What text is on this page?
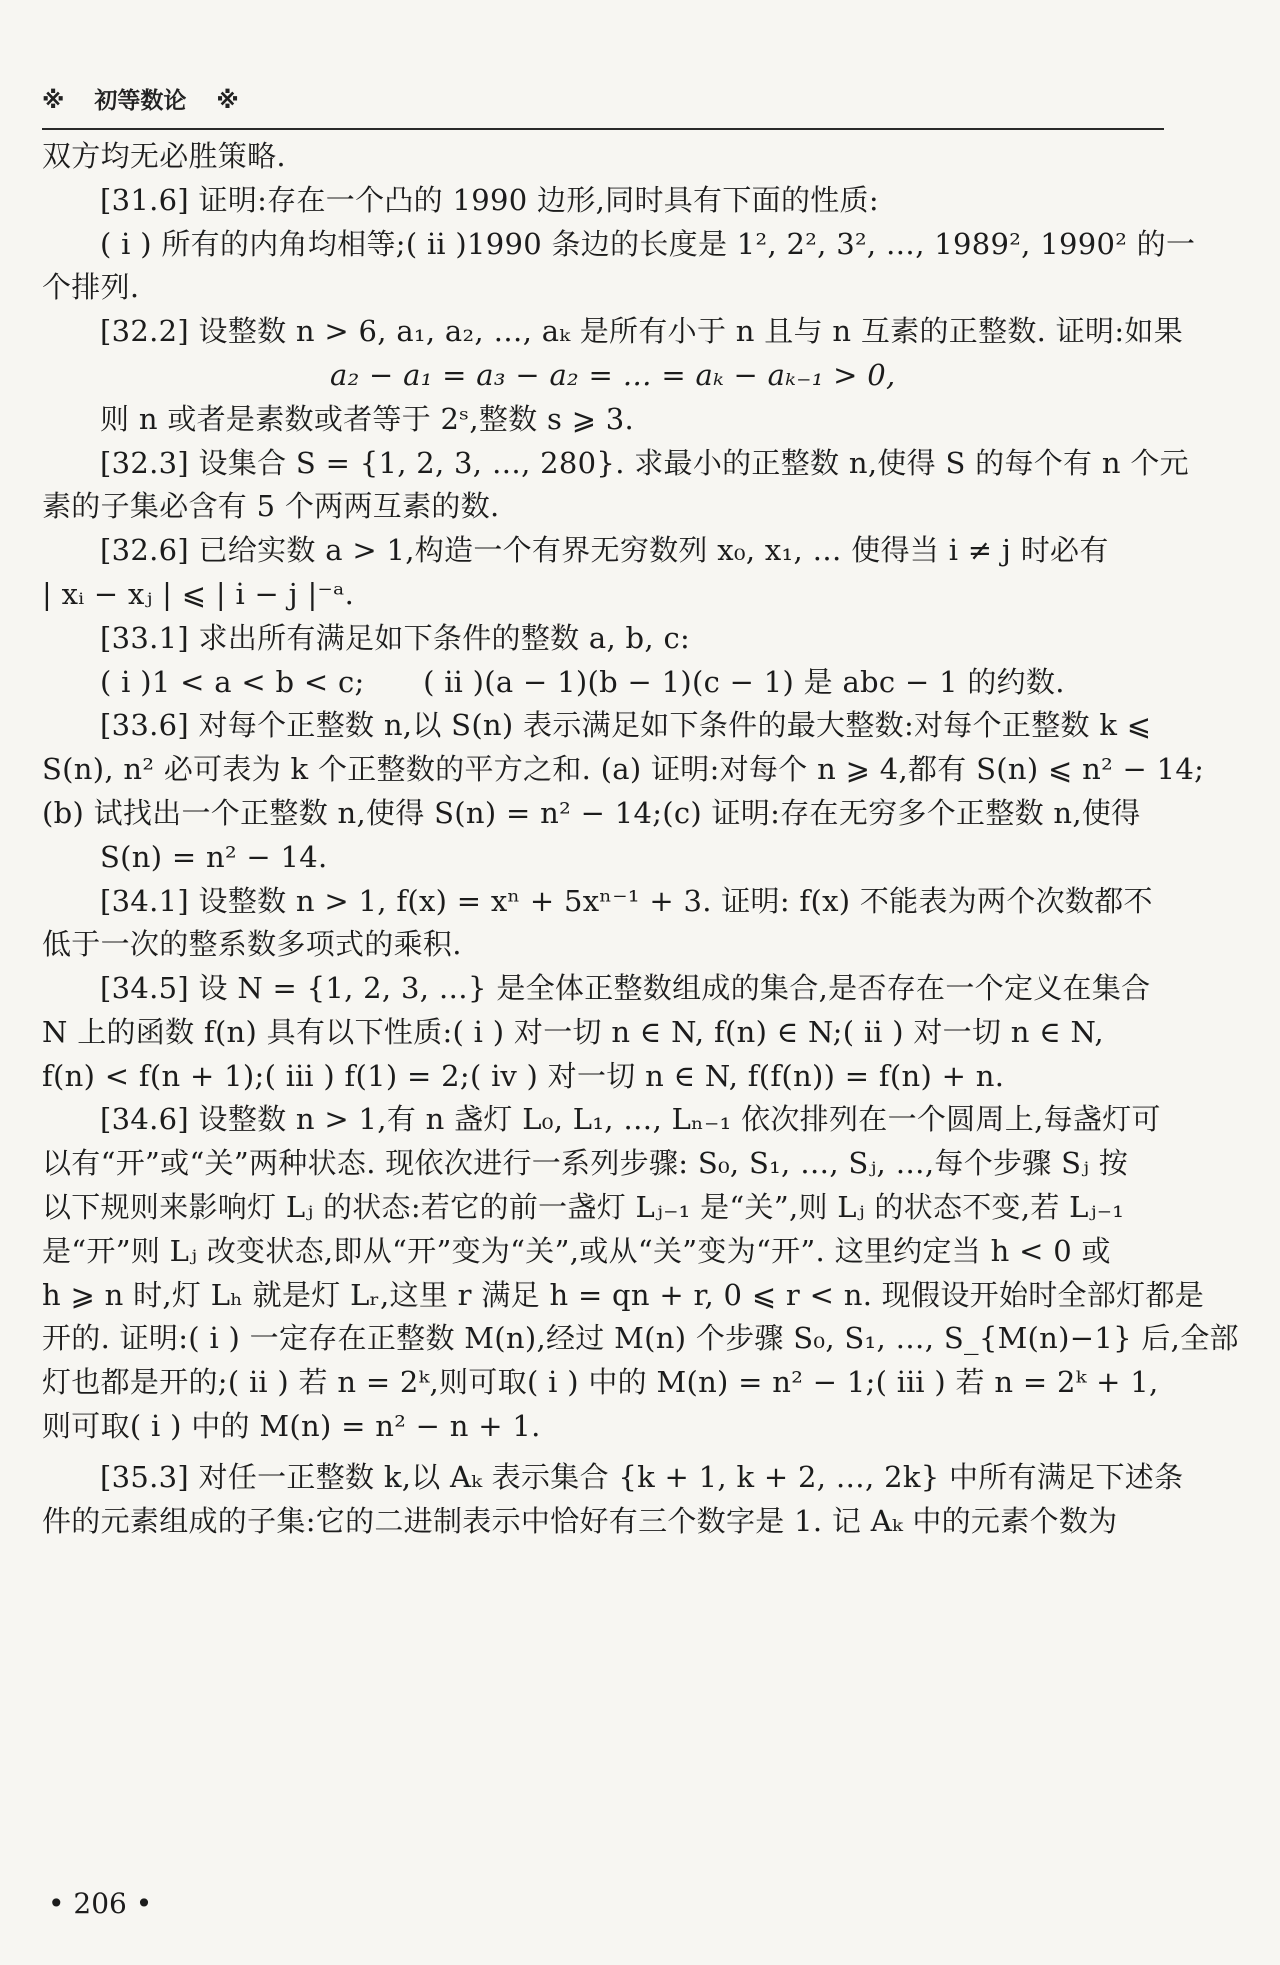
※ 初等数论 ※
双方均无必胜策略.
[31.6] 证明:存在一个凸的 1990 边形,同时具有下面的性质:
( ⅰ ) 所有的内角均相等;( ⅱ )1990 条边的长度是 1², 2², 3², …, 1989², 1990² 的一
个排列.
[32.2] 设整数 n > 6, a₁, a₂, …, aₖ 是所有小于 n 且与 n 互素的正整数. 证明:如果
a₂ − a₁ = a₃ − a₂ = … = aₖ − aₖ₋₁ > 0,
则 n 或者是素数或者等于 2ˢ,整数 s ⩾ 3.
[32.3] 设集合 S = {1, 2, 3, …, 280}. 求最小的正整数 n,使得 S 的每个有 n 个元
素的子集必含有 5 个两两互素的数.
[32.6] 已给实数 a > 1,构造一个有界无穷数列 x₀, x₁, … 使得当 i ≠ j 时必有
| xᵢ − xⱼ | ⩽ | i − j |⁻ᵃ.
[33.1] 求出所有满足如下条件的整数 a, b, c:
( ⅰ )1 < a < b < c;　　( ⅱ )(a − 1)(b − 1)(c − 1) 是 abc − 1 的约数.
[33.6] 对每个正整数 n,以 S(n) 表示满足如下条件的最大整数:对每个正整数 k ⩽
S(n), n² 必可表为 k 个正整数的平方之和. (a) 证明:对每个 n ⩾ 4,都有 S(n) ⩽ n² − 14;
(b) 试找出一个正整数 n,使得 S(n) = n² − 14;(c) 证明:存在无穷多个正整数 n,使得
S(n) = n² − 14.
[34.1] 设整数 n > 1, f(x) = xⁿ + 5xⁿ⁻¹ + 3. 证明: f(x) 不能表为两个次数都不
低于一次的整系数多项式的乘积.
[34.5] 设 N = {1, 2, 3, …} 是全体正整数组成的集合,是否存在一个定义在集合
N 上的函数 f(n) 具有以下性质:( ⅰ ) 对一切 n ∈ N, f(n) ∈ N;( ⅱ ) 对一切 n ∈ N,
f(n) < f(n + 1);( ⅲ ) f(1) = 2;( ⅳ ) 对一切 n ∈ N, f(f(n)) = f(n) + n.
[34.6] 设整数 n > 1,有 n 盏灯 L₀, L₁, …, Lₙ₋₁ 依次排列在一个圆周上,每盏灯可
以有“开”或“关”两种状态. 现依次进行一系列步骤: S₀, S₁, …, Sⱼ, …,每个步骤 Sⱼ 按
以下规则来影响灯 Lⱼ 的状态:若它的前一盏灯 Lⱼ₋₁ 是“关”,则 Lⱼ 的状态不变,若 Lⱼ₋₁
是“开”则 Lⱼ 改变状态,即从“开”变为“关”,或从“关”变为“开”. 这里约定当 h < 0 或
h ⩾ n 时,灯 Lₕ 就是灯 Lᵣ,这里 r 满足 h = qn + r, 0 ⩽ r < n. 现假设开始时全部灯都是
开的. 证明:( ⅰ ) 一定存在正整数 M(n),经过 M(n) 个步骤 S₀, S₁, …, S_{M(n)−1} 后,全部
灯也都是开的;( ⅱ ) 若 n = 2ᵏ,则可取( ⅰ ) 中的 M(n) = n² − 1;( ⅲ ) 若 n = 2ᵏ + 1,
则可取( ⅰ ) 中的 M(n) = n² − n + 1.
[35.3] 对任一正整数 k,以 Aₖ 表示集合 {k + 1, k + 2, …, 2k} 中所有满足下述条
件的元素组成的子集:它的二进制表示中恰好有三个数字是 1. 记 Aₖ 中的元素个数为
• 206 •
